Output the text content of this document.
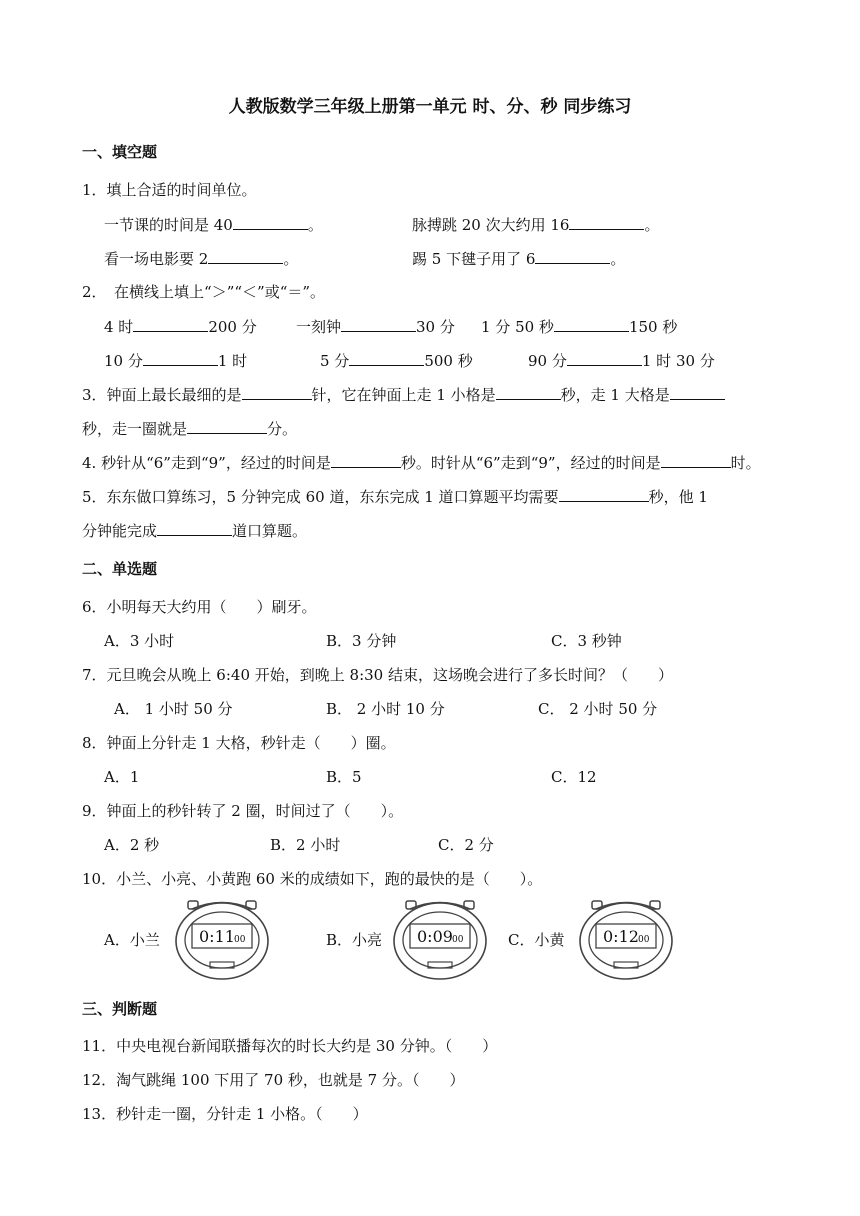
人教版数学三年级上册第一单元 时、分、秒 同步练习
一、填空题
1．填上合适的时间单位。
一节课的时间是 40	。	脉搏跳 20 次大约用 16	。
看一场电影要 2	。	踢 5 下毽子用了 6	。
2．　在横线上填上“＞”“＜”或“＝”。
4 时	200 分	一刻钟	30 分 1 分 50 秒	150 秒
10 分	1 时	5 分	500 秒	90 分	1 时 30 分
3．钟面上最长最细的是	针，它在钟面上走 1 小格是	秒，走 1 大格是
秒，走一圈就是	分。
4. 秒针从“6”走到“9”，经过的时间是	秒。时针从“6”走到“9”，经过的时间是	时。
5．东东做口算练习，5 分钟完成 60 道，东东完成 1 道口算题平均需要	秒，他 1
分钟能完成	道口算题。
二、单选题
6．小明每天大约用（　　）刷牙。
A．3 小时	B．3 分钟	C．3 秒钟
7．元旦晚会从晚上 6:40 开始，到晚上 8:30 结束，这场晚会进行了多长时间？（　　）
A． 1 小时 50 分	B． 2 小时 10 分	C． 2 小时 50 分
8．钟面上分针走 1 大格，秒针走（　　）圈。
A．1	B．5	C．12
9．钟面上的秒针转了 2 圈，时间过了（　　）。
A．2 秒	B．2 小时	C．2 分
10．小兰、小亮、小黄跑 60 米的成绩如下，跑的最快的是（　　）。
A．小兰 0:11 00	B．小亮 0:09 00	C．小黄 0:12 00
三、判断题
11．中央电视台新闻联播每次的时长大约是 30 分钟。（　　）
12．淘气跳绳 100 下用了 70 秒，也就是 7 分。（　　）
13．秒针走一圈，分针走 1 小格。（　　）
